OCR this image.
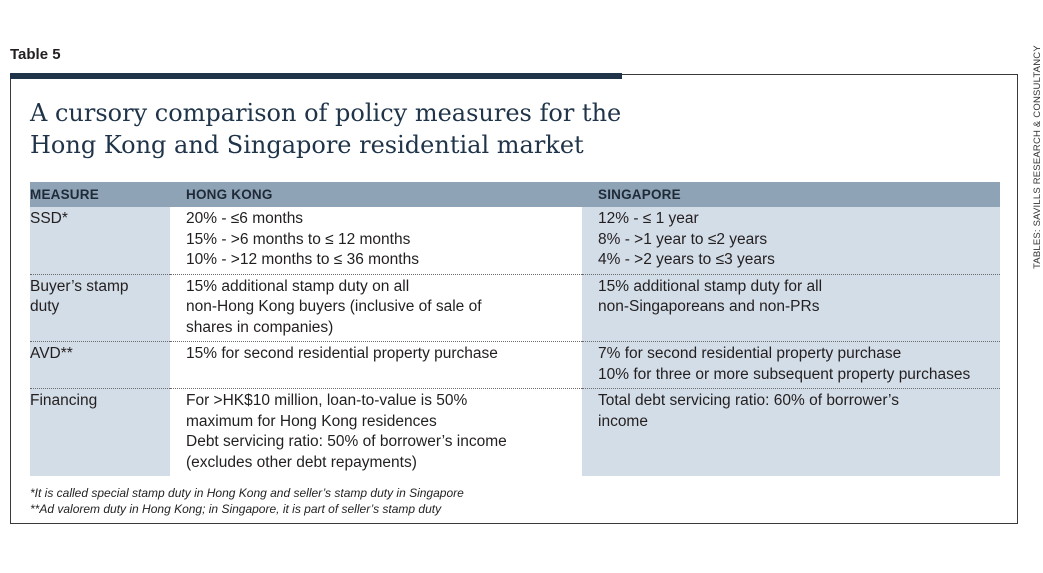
Table 5
A cursory comparison of policy measures for the
Hong Kong and Singapore residential market	TABLES: SAVILLS RESEARCH & CONSULTANCY
MEASURE	HONG KONG	SINGAPORE

SSD*	20% - ≤6 months
15% - >6 months to ≤ 12 months
10% - >12 months to ≤ 36 months	12% - ≤ 1 year
8% - >1 year to ≤2 years
4% - >2 years to ≤3 years

Buyer’s stamp
duty	15% additional stamp duty on all
non-Hong Kong buyers (inclusive of sale of
shares in companies)	15% additional stamp duty for all
non-Singaporeans and non-PRs

AVD**	15% for second residential property purchase	7% for second residential property purchase
10% for three or more subsequent property purchases

Financing	For >HK$10 million, loan-to-value is 50%
maximum for Hong Kong residences
Debt servicing ratio: 50% of borrower’s income
(excludes other debt repayments)	Total debt servicing ratio: 60% of borrower’s
income
*It is called special stamp duty in Hong Kong and seller’s stamp duty in Singapore
**Ad valorem duty in Hong Kong; in Singapore, it is part of seller’s stamp duty
